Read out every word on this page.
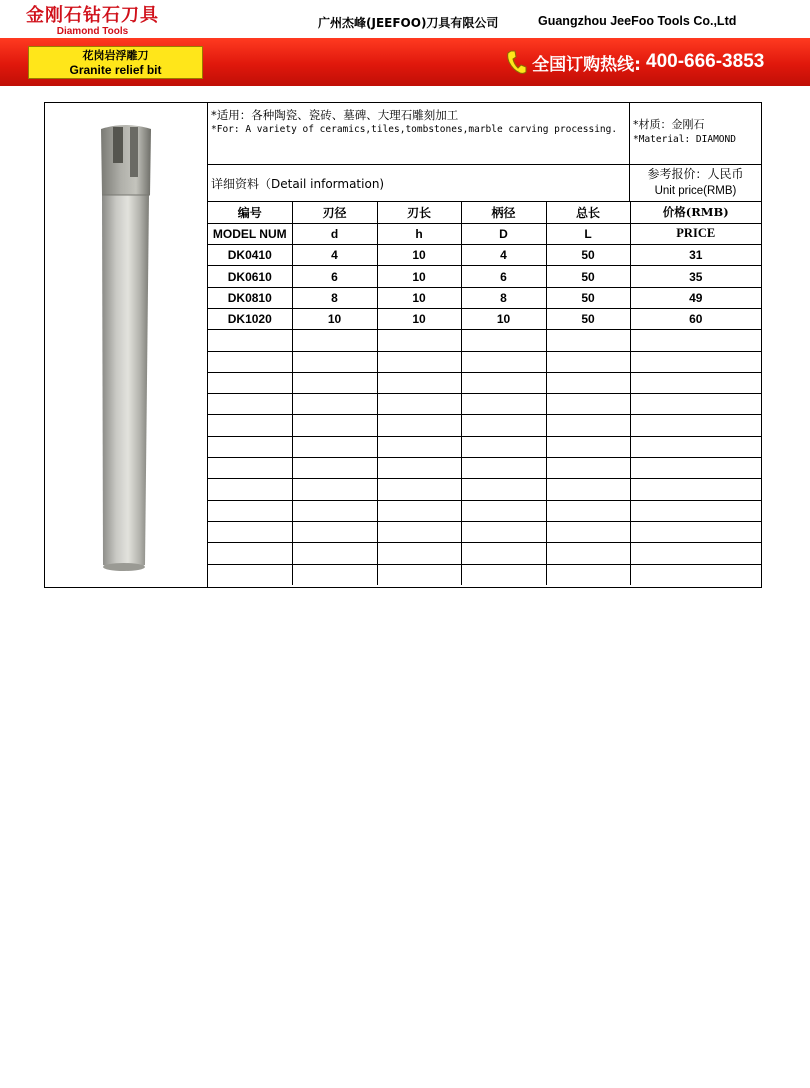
金刚石钻石刀具
Diamond Tools
广州杰峰(JEEFOO)刀具有限公司	Guangzhou JeeFoo Tools Co.,Ltd
花岗岩浮雕刀
Granite relief bit	全国订购热线: 400-666-3853
*适用：各种陶瓷、瓷砖、墓碑、大理石雕刻加工
*For: A variety of ceramics,tiles,tombstones,marble carving processing.	*材质：金刚石
*Material: DIAMOND
详细资料（Detail information)
参考报价：人民币
Unit price(RMB)
编号	刃径	刃长	柄径	总长	价格(RMB)
MODEL NUM	d	h	D	L	PRICE
DK0410	4	10	4	50	31
DK0610	6	10	6	50	35
DK0810	8	10	8	50	49
DK1020	10	10	10	50	60
